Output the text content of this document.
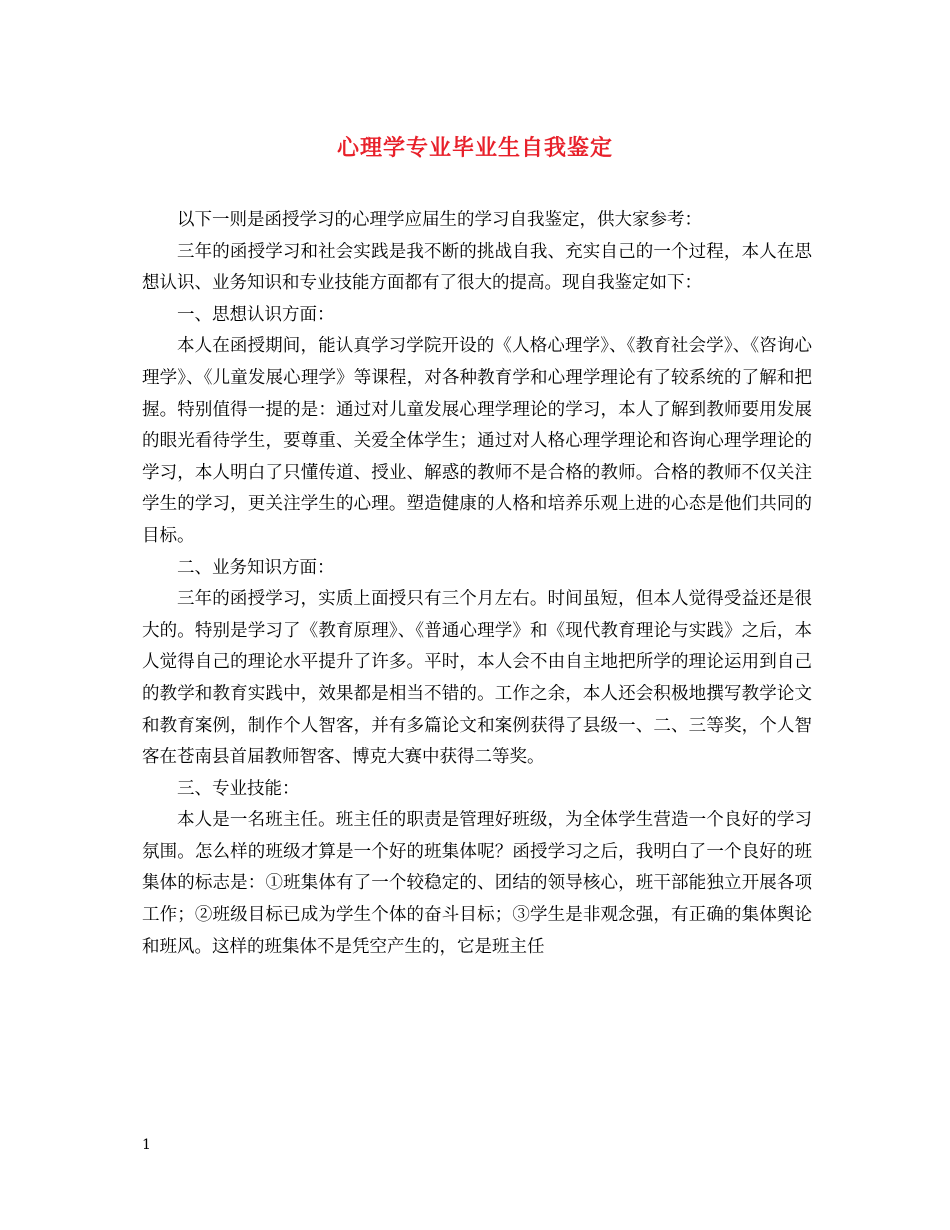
心理学专业毕业生自我鉴定

以下一则是函授学习的心理学应届生的学习自我鉴定，供大家参考：

三年的函授学习和社会实践是我不断的挑战自我、充实自己的一个过程，本人在思想认识、业务知识和专业技能方面都有了很大的提高。现自我鉴定如下：

一、思想认识方面：

本人在函授期间，能认真学习学院开设的《人格心理学》、《教育社会学》、《咨询心理学》、《儿童发展心理学》等课程，对各种教育学和心理学理论有了较系统的了解和把握。特别值得一提的是：通过对儿童发展心理学理论的学习，本人了解到教师要用发展的眼光看待学生，要尊重、关爱全体学生；通过对人格心理学理论和咨询心理学理论的学习，本人明白了只懂传道、授业、解惑的教师不是合格的教师。合格的教师不仅关注学生的学习，更关注学生的心理。塑造健康的人格和培养乐观上进的心态是他们共同的目标。

二、业务知识方面：

三年的函授学习，实质上面授只有三个月左右。时间虽短，但本人觉得受益还是很大的。特别是学习了《教育原理》、《普通心理学》和《现代教育理论与实践》之后，本人觉得自己的理论水平提升了许多。平时，本人会不由自主地把所学的理论运用到自己的教学和教育实践中，效果都是相当不错的。工作之余，本人还会积极地撰写教学论文和教育案例，制作个人智客，并有多篇论文和案例获得了县级一、二、三等奖，个人智客在苍南县首届教师智客、博克大赛中获得二等奖。

三、专业技能：

本人是一名班主任。班主任的职责是管理好班级，为全体学生营造一个良好的学习氛围。怎么样的班级才算是一个好的班集体呢？函授学习之后，我明白了一个良好的班集体的标志是：①班集体有了一个较稳定的、团结的领导核心，班干部能独立开展各项工作；②班级目标已成为学生个体的奋斗目标；③学生是非观念强，有正确的集体舆论和班风。这样的班集体不是凭空产生的，它是班主任

1
